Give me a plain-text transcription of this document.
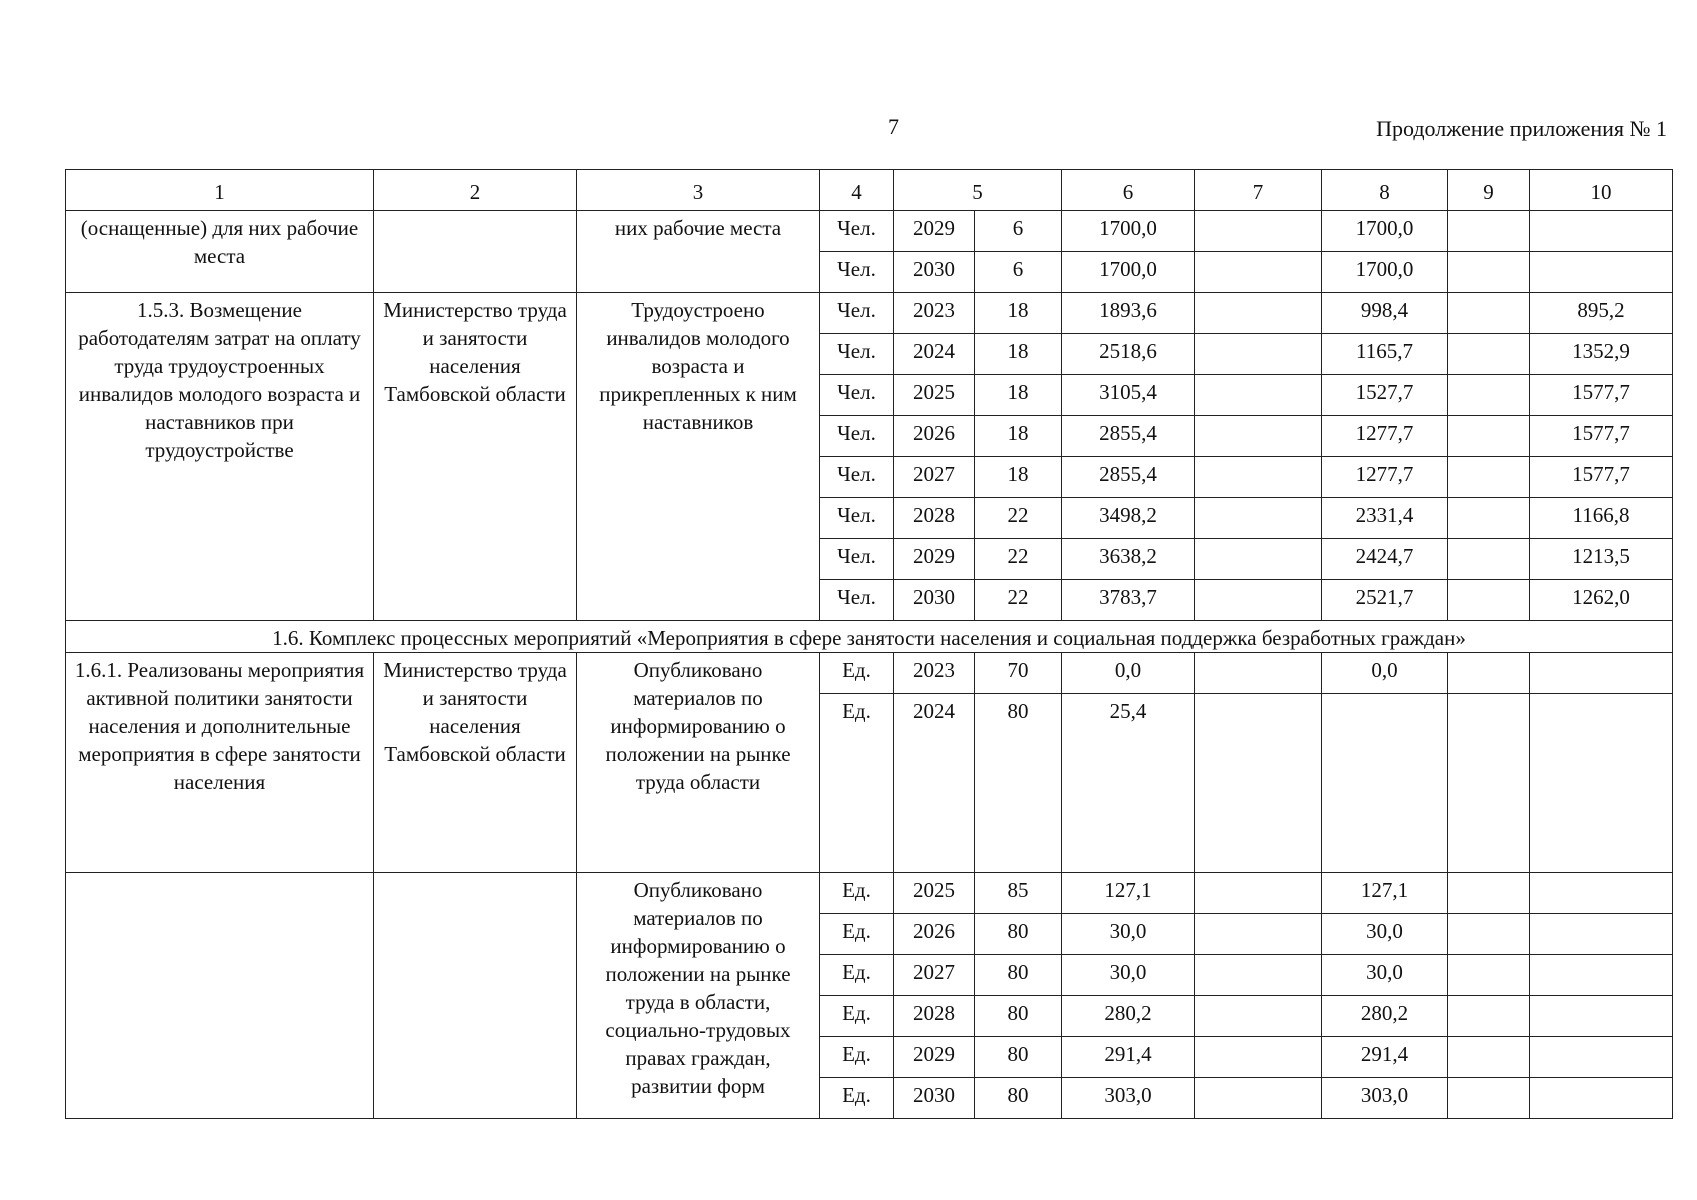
7	Продолжение приложения № 1
1	2	3	4	5		6	7	8	9	10
(оснащенные) для них рабочие места		них рабочие места	Чел.	2029	6	1700,0		1700,0		
			Чел.	2030	6	1700,0		1700,0		
1.5.3. Возмещение работодателям затрат на оплату труда трудоустроенных инвалидов молодого возраста и наставников при трудоустройстве	Министерство труда и занятости населения Тамбовской области	Трудоустроено инвалидов молодого возраста и прикрепленных к ним наставников	Чел.	2023	18	1893,6		998,4		895,2
			Чел.	2024	18	2518,6		1165,7		1352,9
			Чел.	2025	18	3105,4		1527,7		1577,7
			Чел.	2026	18	2855,4		1277,7		1577,7
			Чел.	2027	18	2855,4		1277,7		1577,7
			Чел.	2028	22	3498,2		2331,4		1166,8
			Чел.	2029	22	3638,2		2424,7		1213,5
			Чел.	2030	22	3783,7		2521,7		1262,0
1.6. Комплекс процессных мероприятий «Мероприятия в сфере занятости населения и социальная поддержка безработных граждан»										
1.6.1. Реализованы мероприятия активной политики занятости населения и дополнительные мероприятия в сфере занятости населения	Министерство труда и занятости населения Тамбовской области	Опубликовано материалов по информированию о положении на рынке труда области	Ед.	2023	70	0,0		0,0		
			Ед.	2024	80	25,4				
		Опубликовано материалов по информированию о положении на рынке труда в области, социально-трудовых правах граждан, развитии форм	Ед.	2025	85	127,1		127,1		
			Ед.	2026	80	30,0		30,0		
			Ед.	2027	80	30,0		30,0		
			Ед.	2028	80	280,2		280,2		
			Ед.	2029	80	291,4		291,4		
			Ед.	2030	80	303,0		303,0		
